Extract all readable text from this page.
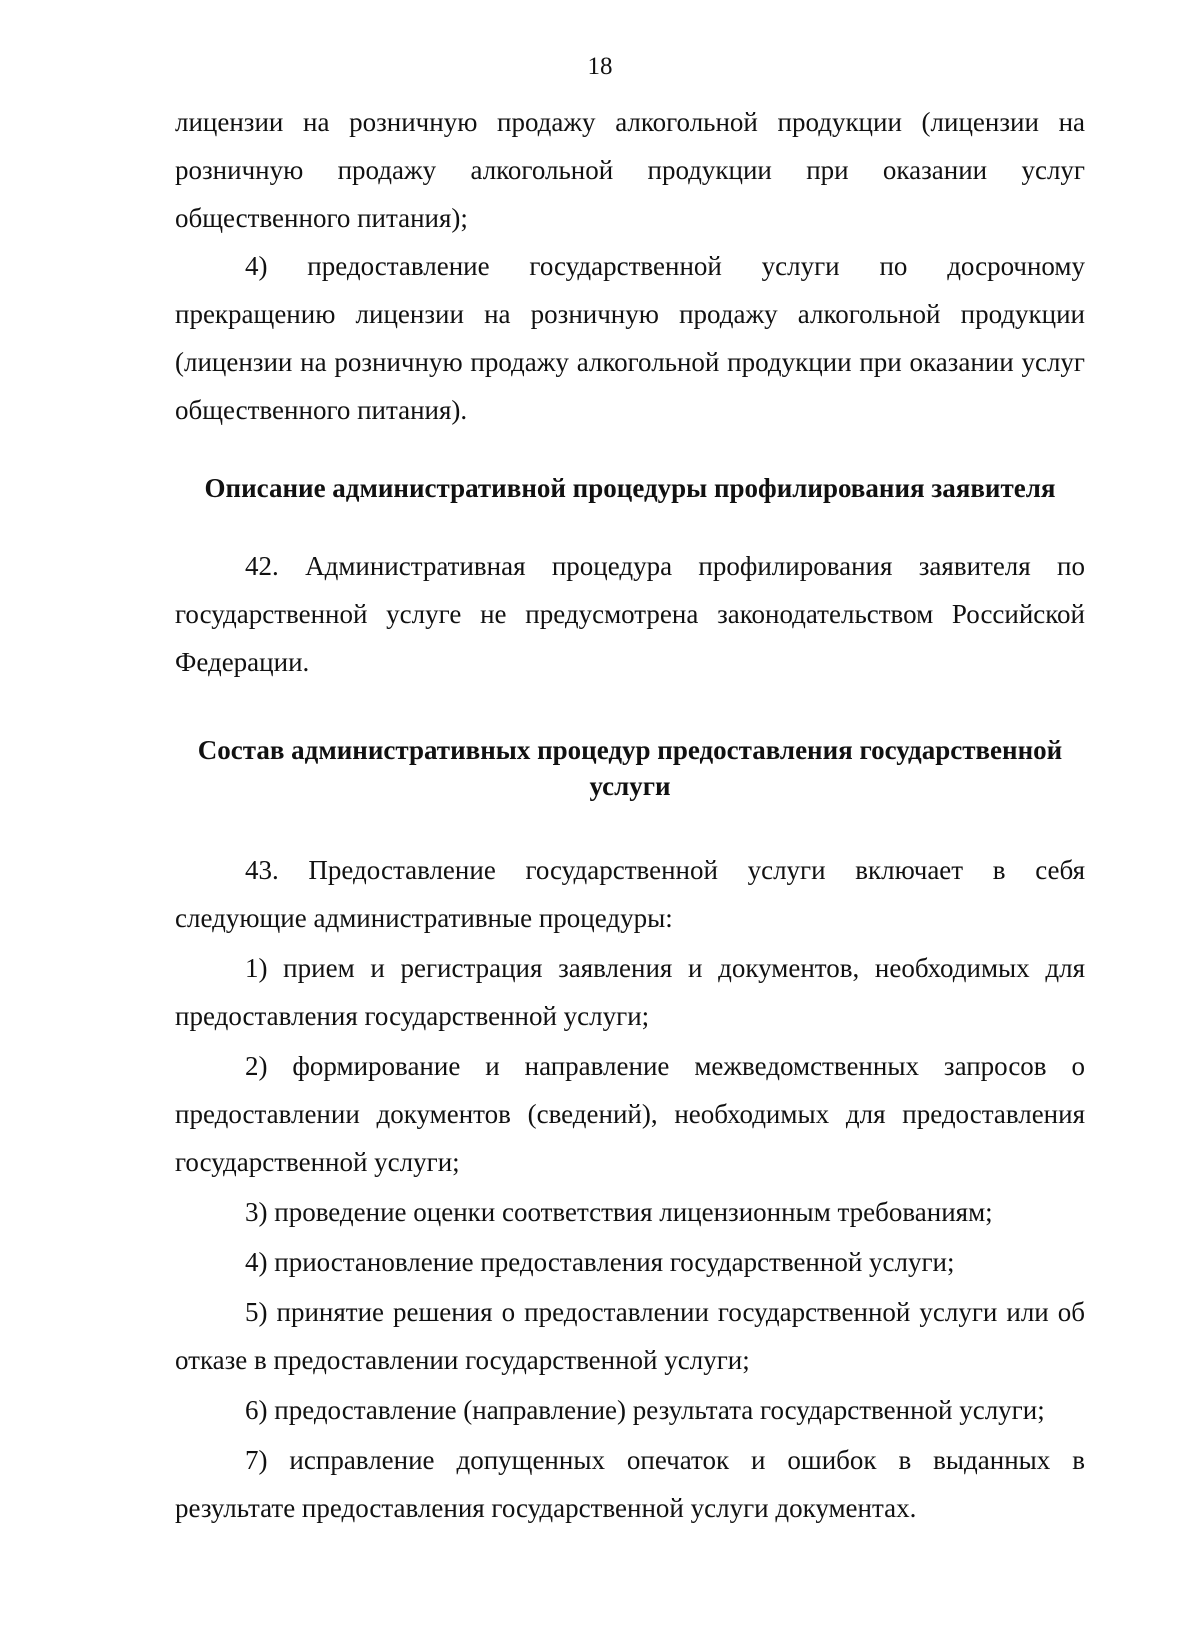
18

лицензии на розничную продажу алкогольной продукции (лицензии на розничную продажу алкогольной продукции при оказании услуг общественного питания);

4) предоставление государственной услуги по досрочному прекращению лицензии на розничную продажу алкогольной продукции (лицензии на розничную продажу алкогольной продукции при оказании услуг общественного питания).

Описание административной процедуры профилирования заявителя

42. Административная процедура профилирования заявителя по государственной услуге не предусмотрена законодательством Российской Федерации.

Состав административных процедур предоставления государственной услуги

43. Предоставление государственной услуги включает в себя следующие административные процедуры:

1) прием и регистрация заявления и документов, необходимых для предоставления государственной услуги;

2) формирование и направление межведомственных запросов о предоставлении документов (сведений), необходимых для предоставления государственной услуги;

3) проведение оценки соответствия лицензионным требованиям;

4) приостановление предоставления государственной услуги;

5) принятие решения о предоставлении государственной услуги или об отказе в предоставлении государственной услуги;

6) предоставление (направление) результата государственной услуги;

7) исправление допущенных опечаток и ошибок в выданных в результате предоставления государственной услуги документах.
